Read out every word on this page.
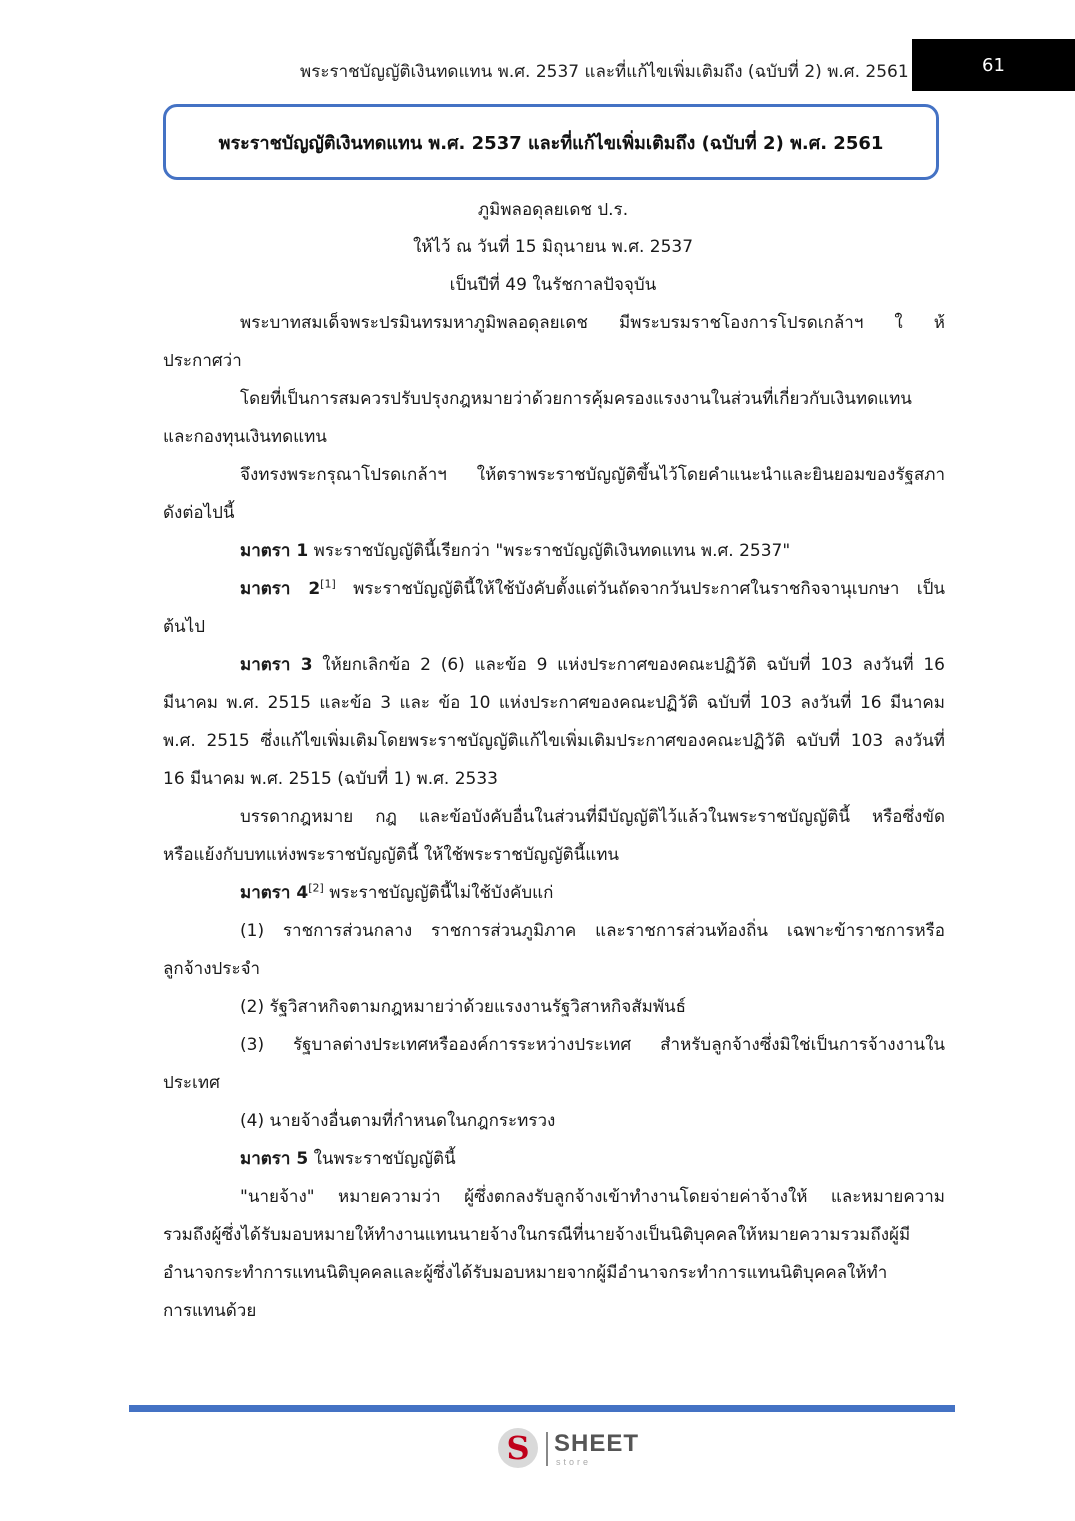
พระราชบัญญัติเงินทดแทน พ.ศ. 2537 และที่แก้ไขเพิ่มเติมถึง (ฉบับที่ 2) พ.ศ. 2561	61
พระราชบัญญัติเงินทดแทน พ.ศ. 2537 และที่แก้ไขเพิ่มเติมถึง (ฉบับที่ 2) พ.ศ. 2561
ภูมิพลอดุลยเดช ป.ร.
ให้ไว้ ณ วันที่ 15 มิถุนายน พ.ศ. 2537
เป็นปีที่ 49 ในรัชกาลปัจจุบัน
พระบาทสมเด็จพระปรมินทรมหาภูมิพลอดุลยเดช มีพระบรมราชโองการโปรดเกล้าฯ ใ ห้
ประกาศว่า
โดยที่เป็นการสมควรปรับปรุงกฎหมายว่าด้วยการคุ้มครองแรงงานในส่วนที่เกี่ยวกับเงินทดแทน
และกองทุนเงินทดแทน
จึงทรงพระกรุณาโปรดเกล้าฯ ให้ตราพระราชบัญญัติขึ้นไว้โดยคำแนะนำและยินยอมของรัฐสภา
ดังต่อไปนี้
มาตรา 1 พระราชบัญญัตินี้เรียกว่า "พระราชบัญญัติเงินทดแทน พ.ศ. 2537"
มาตรา 2[1] พระราชบัญญัตินี้ให้ใช้บังคับตั้งแต่วันถัดจากวันประกาศในราชกิจจานุเบกษา เป็น
ต้นไป
มาตรา 3 ให้ยกเลิกข้อ 2 (6) และข้อ 9 แห่งประกาศของคณะปฏิวัติ ฉบับที่ 103 ลงวันที่ 16
มีนาคม พ.ศ. 2515 และข้อ 3 และ ข้อ 10 แห่งประกาศของคณะปฏิวัติ ฉบับที่ 103 ลงวันที่ 16 มีนาคม
พ.ศ. 2515 ซึ่งแก้ไขเพิ่มเติมโดยพระราชบัญญัติแก้ไขเพิ่มเติมประกาศของคณะปฏิวัติ ฉบับที่ 103 ลงวันที่
16 มีนาคม พ.ศ. 2515 (ฉบับที่ 1) พ.ศ. 2533
บรรดากฎหมาย กฎ และข้อบังคับอื่นในส่วนที่มีบัญญัติไว้แล้วในพระราชบัญญัตินี้ หรือซึ่งขัด
หรือแย้งกับบทแห่งพระราชบัญญัตินี้ ให้ใช้พระราชบัญญัตินี้แทน
มาตรา 4[2] พระราชบัญญัตินี้ไม่ใช้บังคับแก่
(1) ราชการส่วนกลาง ราชการส่วนภูมิภาค และราชการส่วนท้องถิ่น เฉพาะข้าราชการหรือ
ลูกจ้างประจำ
(2) รัฐวิสาหกิจตามกฎหมายว่าด้วยแรงงานรัฐวิสาหกิจสัมพันธ์
(3) รัฐบาลต่างประเทศหรือองค์การระหว่างประเทศ สำหรับลูกจ้างซึ่งมิใช่เป็นการจ้างงานใน
ประเทศ
(4) นายจ้างอื่นตามที่กำหนดในกฎกระทรวง
มาตรา 5 ในพระราชบัญญัตินี้
"นายจ้าง" หมายความว่า ผู้ซึ่งตกลงรับลูกจ้างเข้าทำงานโดยจ่ายค่าจ้างให้ และหมายความ
รวมถึงผู้ซึ่งได้รับมอบหมายให้ทำงานแทนนายจ้างในกรณีที่นายจ้างเป็นนิติบุคคลให้หมายความรวมถึงผู้มี
อำนาจกระทำการแทนนิติบุคคลและผู้ซึ่งได้รับมอบหมายจากผู้มีอำนาจกระทำการแทนนิติบุคคลให้ทำ
การแทนด้วย
S	SHEET
store
